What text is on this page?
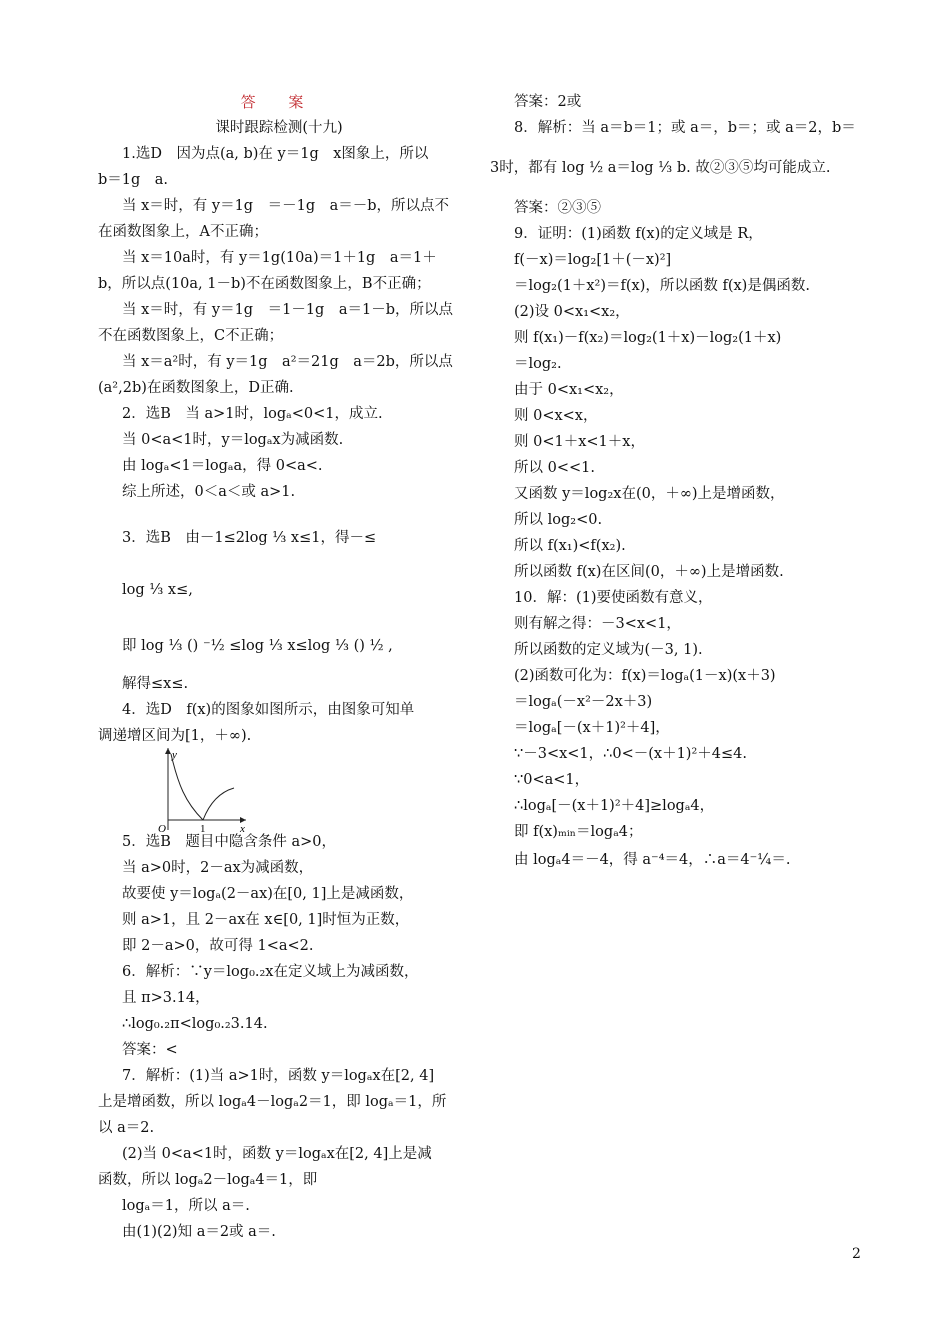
答 案
课时跟踪检测(十九)
1.选D　因为点(a, b)在 y＝1g　x图象上，所以
b＝1g　a.
当 x＝时，有 y＝1g　＝－1g　a＝－b，所以点不
在函数图象上，A不正确；
当 x＝10a时，有 y＝1g(10a)＝1＋1g　a＝1＋
b，所以点(10a, 1－b)不在函数图象上，B不正确；
当 x＝时，有 y＝1g　＝1－1g　a＝1－b，所以点
不在函数图象上，C不正确；
当 x＝a²时，有 y＝1g　a²＝21g　a＝2b，所以点
(a²,2b)在函数图象上，D正确.
2．选B　当 a>1时，logₐ<0<1，成立.
当 0<a<1时，y＝logₐx为减函数.
由 logₐ<1＝logₐa，得 0<a<.
综上所述，0＜a＜或 a>1.
3．选B　由－1≤2log ⅓ x≤1，得－≤
log ⅓ x≤,
即 log ⅓ () ⁻½ ≤log ⅓ x≤log ⅓ () ½ ,
解得≤x≤.
4．选D　f(x)的图象如图所示，由图象可知单
调递增区间为[1，＋∞).
5．选B　题目中隐含条件 a>0，
当 a>0时，2－ax为减函数，
故要使 y＝logₐ(2－ax)在[0, 1]上是减函数，
则 a>1，且 2－ax在 x∈[0, 1]时恒为正数，
即 2－a>0，故可得 1<a<2.
6．解析：∵y＝log₀.₂x在定义域上为减函数，
且 π>3.14，
∴log₀.₂π<log₀.₂3.14.
答案：<
7．解析：(1)当 a>1时，函数 y＝logₐx在[2, 4]
上是增函数，所以 logₐ4－logₐ2＝1，即 logₐ＝1，所
以 a＝2.
(2)当 0<a<1时，函数 y＝logₐx在[2, 4]上是减
函数，所以 logₐ2－logₐ4＝1，即
logₐ＝1，所以 a＝.
由(1)(2)知 a＝2或 a＝.
y
x
O	1
答案：2或
8．解析：当 a＝b＝1；或 a＝，b＝；或 a＝2，b＝
3时，都有 log ½ a＝log ⅓ b. 故②③⑤均可能成立.
答案：②③⑤
9．证明：(1)函数 f(x)的定义域是 R，
f(－x)＝log₂[1＋(－x)²]
＝log₂(1＋x²)＝f(x)，所以函数 f(x)是偶函数.
(2)设 0<x₁<x₂，
则 f(x₁)－f(x₂)＝log₂(1＋x)－log₂(1＋x)
＝log₂.
由于 0<x₁<x₂，
则 0<x<x，
则 0<1＋x<1＋x，
所以 0<<1.
又函数 y＝log₂x在(0，＋∞)上是增函数，
所以 log₂<0.
所以 f(x₁)<f(x₂).
所以函数 f(x)在区间(0，＋∞)上是增函数.
10．解：(1)要使函数有意义，
则有解之得：－3<x<1，
所以函数的定义域为(－3, 1).
(2)函数可化为：f(x)＝logₐ(1－x)(x＋3)
＝logₐ(－x²－2x＋3)
＝logₐ[－(x＋1)²＋4]，
∵－3<x<1，∴0<－(x＋1)²＋4≤4.
∵0<a<1，
∴logₐ[－(x＋1)²＋4]≥logₐ4，
即 f(x)ₘᵢₙ＝logₐ4；
由 logₐ4＝－4，得 a⁻⁴＝4，∴a＝4⁻¼＝.
2
